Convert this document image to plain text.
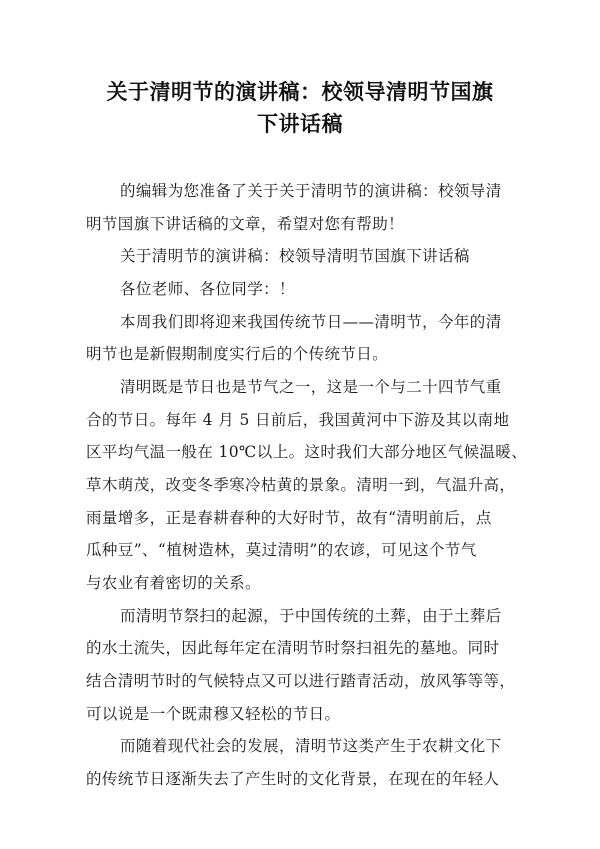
关于清明节的演讲稿：校领导清明节国旗
下讲话稿
的编辑为您准备了关于关于清明节的演讲稿：校领导清
明节国旗下讲话稿的文章，希望对您有帮助！
关于清明节的演讲稿：校领导清明节国旗下讲话稿
各位老师、各位同学：！
本周我们即将迎来我国传统节日——清明节，今年的清
明节也是新假期制度实行后的个传统节日。
清明既是节日也是节气之一，这是一个与二十四节气重
合的节日。每年 4 月 5 日前后，我国黄河中下游及其以南地
区平均气温一般在 10℃以上。这时我们大部分地区气候温暖、
草木萌茂，改变冬季寒冷枯黄的景象。清明一到，气温升高，
雨量增多，正是春耕春种的大好时节，故有“清明前后，点
瓜种豆”、“植树造林，莫过清明”的农谚，可见这个节气
与农业有着密切的关系。
而清明节祭扫的起源，于中国传统的土葬，由于土葬后
的水土流失，因此每年定在清明节时祭扫祖先的墓地。同时
结合清明节时的气候特点又可以进行踏青活动，放风筝等等，
可以说是一个既肃穆又轻松的节日。
而随着现代社会的发展，清明节这类产生于农耕文化下
的传统节日逐渐失去了产生时的文化背景，在现在的年轻人
